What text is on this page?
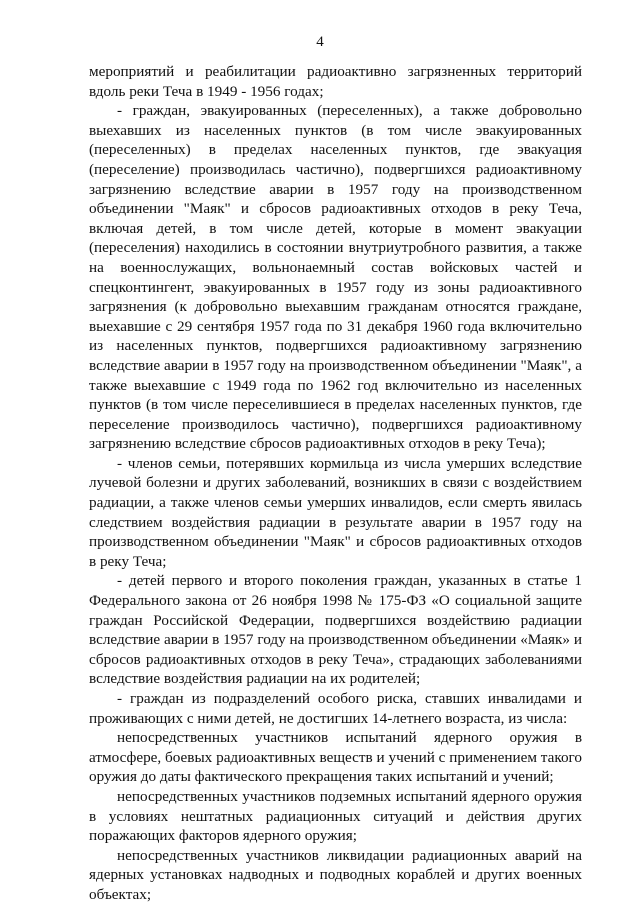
4

мероприятий и реабилитации радиоактивно загрязненных территорий вдоль реки Теча в 1949 - 1956 годах;

- граждан, эвакуированных (переселенных), а также добровольно выехавших из населенных пунктов (в том числе эвакуированных (переселенных) в пределах населенных пунктов, где эвакуация (переселение) производилась частично), подвергшихся радиоактивному загрязнению вследствие аварии в 1957 году на производственном объединении "Маяк" и сбросов радиоактивных отходов в реку Теча, включая детей, в том числе детей, которые в момент эвакуации (переселения) находились в состоянии внутриутробного развития, а также на военнослужащих, вольнонаемный состав войсковых частей и спецконтингент, эвакуированных в 1957 году из зоны радиоактивного загрязнения (к добровольно выехавшим гражданам относятся граждане, выехавшие с 29 сентября 1957 года по 31 декабря 1960 года включительно из населенных пунктов, подвергшихся радиоактивному загрязнению вследствие аварии в 1957 году на производственном объединении "Маяк", а также выехавшие с 1949 года по 1962 год включительно из населенных пунктов (в том числе переселившиеся в пределах населенных пунктов, где переселение производилось частично), подвергшихся радиоактивному загрязнению вследствие сбросов радиоактивных отходов в реку Теча);

- членов семьи, потерявших кормильца из числа умерших вследствие лучевой болезни и других заболеваний, возникших в связи с воздействием радиации, а также членов семьи умерших инвалидов, если смерть явилась следствием воздействия радиации в результате аварии в 1957 году на производственном объединении "Маяк" и сбросов радиоактивных отходов в реку Теча;

- детей первого и второго поколения граждан, указанных в статье 1 Федерального закона от 26 ноября 1998 № 175-ФЗ «О социальной защите граждан Российской Федерации, подвергшихся воздействию радиации вследствие аварии в 1957 году на производственном объединении «Маяк» и сбросов радиоактивных отходов в реку Теча», страдающих заболеваниями вследствие воздействия радиации на их родителей;

- граждан из подразделений особого риска, ставших инвалидами и проживающих с ними детей, не достигших 14-летнего возраста, из числа:

непосредственных участников испытаний ядерного оружия в атмосфере, боевых радиоактивных веществ и учений с применением такого оружия до даты фактического прекращения таких испытаний и учений;

непосредственных участников подземных испытаний ядерного оружия в условиях нештатных радиационных ситуаций и действия других поражающих факторов ядерного оружия;

непосредственных участников ликвидации радиационных аварий на ядерных установках надводных и подводных кораблей и других военных объектах;
